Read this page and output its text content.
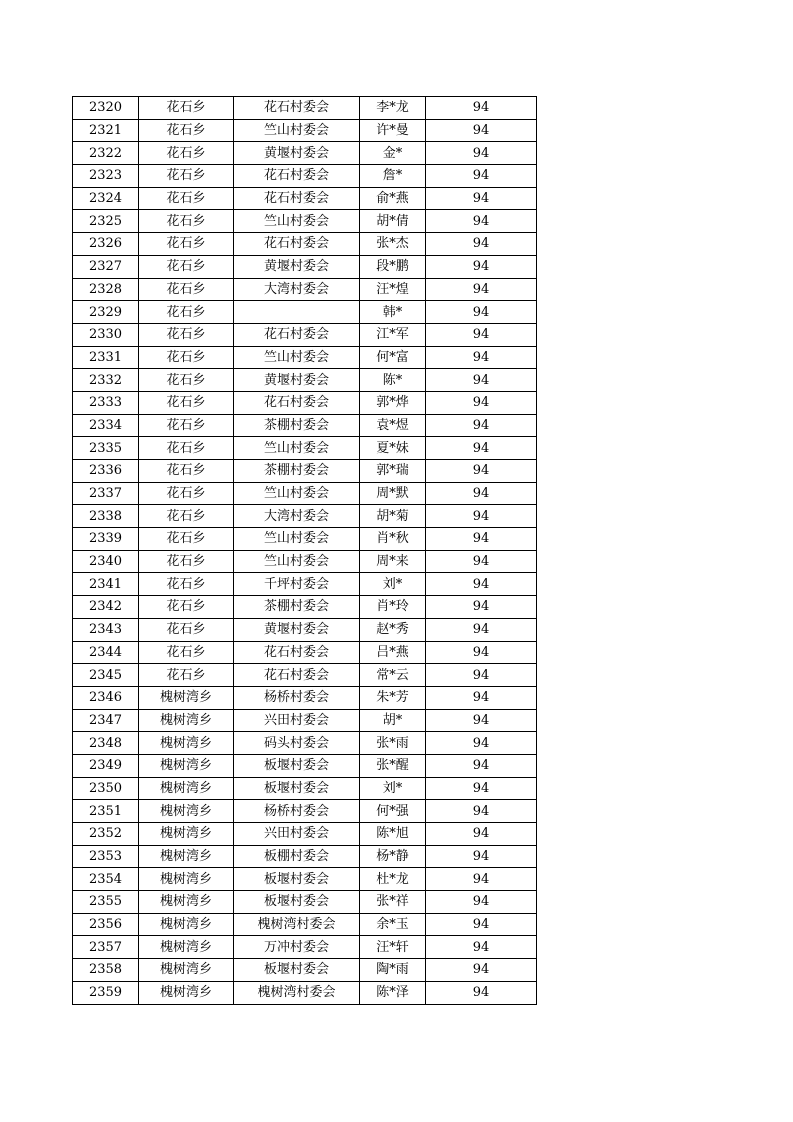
2320	花石乡	花石村委会	李*龙	94
2321	花石乡	竺山村委会	许*曼	94
2322	花石乡	黄堰村委会	金*	94
2323	花石乡	花石村委会	詹*	94
2324	花石乡	花石村委会	俞*燕	94
2325	花石乡	竺山村委会	胡*倩	94
2326	花石乡	花石村委会	张*杰	94
2327	花石乡	黄堰村委会	段*鹏	94
2328	花石乡	大湾村委会	汪*煌	94
2329	花石乡		韩*	94
2330	花石乡	花石村委会	江*军	94
2331	花石乡	竺山村委会	何*富	94
2332	花石乡	黄堰村委会	陈*	94
2333	花石乡	花石村委会	郭*烨	94
2334	花石乡	茶棚村委会	袁*煜	94
2335	花石乡	竺山村委会	夏*妹	94
2336	花石乡	茶棚村委会	郭*瑞	94
2337	花石乡	竺山村委会	周*默	94
2338	花石乡	大湾村委会	胡*菊	94
2339	花石乡	竺山村委会	肖*秋	94
2340	花石乡	竺山村委会	周*来	94
2341	花石乡	千坪村委会	刘*	94
2342	花石乡	茶棚村委会	肖*玲	94
2343	花石乡	黄堰村委会	赵*秀	94
2344	花石乡	花石村委会	吕*燕	94
2345	花石乡	花石村委会	常*云	94
2346	槐树湾乡	杨桥村委会	朱*芳	94
2347	槐树湾乡	兴田村委会	胡*	94
2348	槐树湾乡	码头村委会	张*雨	94
2349	槐树湾乡	板堰村委会	张*醒	94
2350	槐树湾乡	板堰村委会	刘*	94
2351	槐树湾乡	杨桥村委会	何*强	94
2352	槐树湾乡	兴田村委会	陈*旭	94
2353	槐树湾乡	板棚村委会	杨*静	94
2354	槐树湾乡	板堰村委会	杜*龙	94
2355	槐树湾乡	板堰村委会	张*祥	94
2356	槐树湾乡	槐树湾村委会	余*玉	94
2357	槐树湾乡	万冲村委会	汪*轩	94
2358	槐树湾乡	板堰村委会	陶*雨	94
2359	槐树湾乡	槐树湾村委会	陈*泽	94
